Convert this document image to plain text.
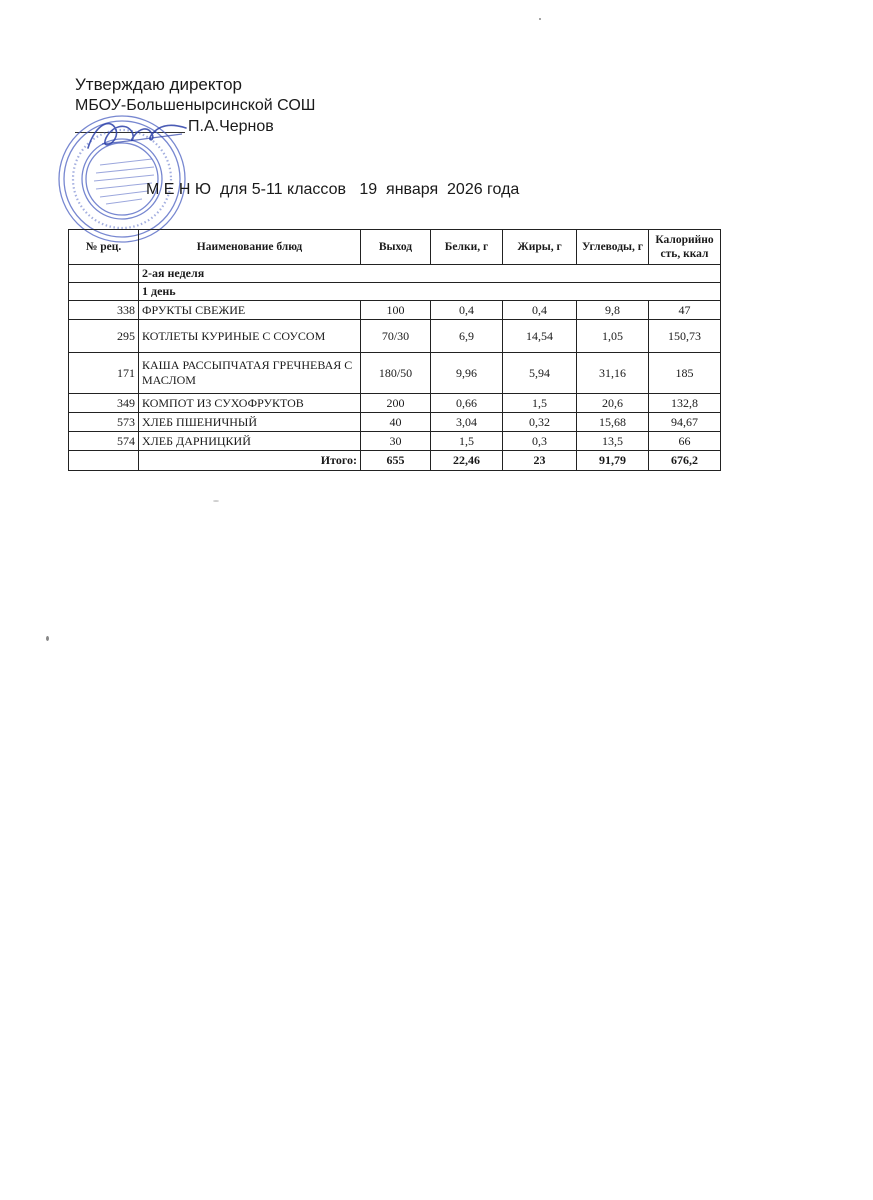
Утверждаю директор
МБОУ-Большенырсинской СОШ
П.А.Чернов
М Е Н Ю  для 5-11 классов   19  января  2026 года
№ рец.	Наименование блюд	Выход	Белки, г	Жиры, г	Углеводы, г	Калорийно сть, ккал
	2-ая неделя					
	1 день					
338	ФРУКТЫ СВЕЖИЕ	100	0,4	0,4	9,8	47
295	КОТЛЕТЫ КУРИНЫЕ С СОУСОМ	70/30	6,9	14,54	1,05	150,73
171	КАША РАССЫПЧАТАЯ ГРЕЧНЕВАЯ С МАСЛОМ	180/50	9,96	5,94	31,16	185
349	КОМПОТ ИЗ СУХОФРУКТОВ	200	0,66	1,5	20,6	132,8
573	ХЛЕБ ПШЕНИЧНЫЙ	40	3,04	0,32	15,68	94,67
574	ХЛЕБ ДАРНИЦКИЙ	30	1,5	0,3	13,5	66
	Итого:	655	22,46	23	91,79	676,2
